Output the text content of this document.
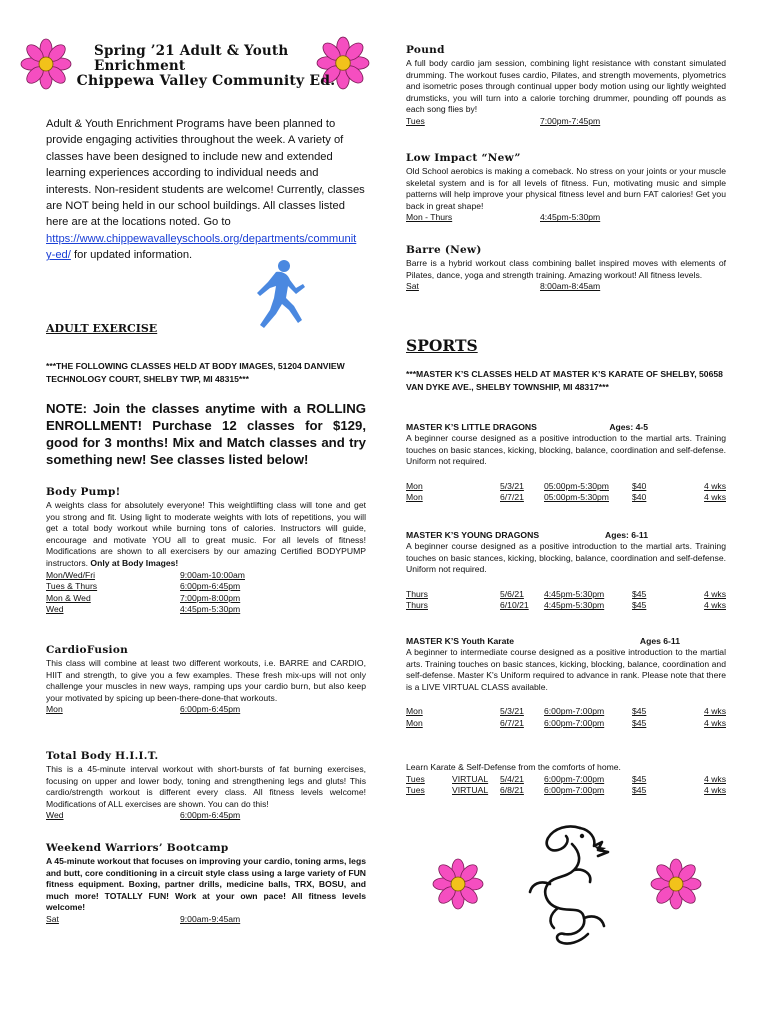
Spring ’21 Adult & Youth
Enrichment
Chippewa Valley Community Ed.
Adult & Youth Enrichment Programs have been planned to provide engaging activities throughout the week. A variety of classes have been designed to include new and extended learning experiences according to individual needs and interests. Non-resident students are welcome! Currently, classes are NOT being held in our school buildings. All classes listed here are at the locations noted. Go to https://www.chippewavalleyschools.org/departments/communit
y-ed/ for updated information.
ADULT EXERCISE
***THE FOLLOWING CLASSES HELD AT BODY IMAGES, 51204 DANVIEW TECHNOLOGY COURT, SHELBY TWP, MI 48315***
NOTE: Join the classes anytime with a ROLLING ENROLLMENT! Purchase 12 classes for $129, good for 3 months! Mix and Match classes and try something new! See classes listed below!
Body Pump!
A weights class for absolutely everyone! This weightlifting class will tone and get you strong and fit. Using light to moderate weights with lots of repetitions, you will get a total body workout while burning tons of calories. Instructors will guide, encourage and motivate YOU all to great music. For all levels of fitness! Modifications are shown to all exercisers by our amazing Certified BODYPUMP instructors. Only at Body Images!
Mon/Wed/Fri	9:00am-10:00am
Tues & Thurs	6:00pm-6:45pm
Mon & Wed	7:00pm-8:00pm
Wed	4:45pm-5:30pm
CardioFusion
This class will combine at least two different workouts, i.e. BARRE and CARDIO, HIIT and strength, to give you a few examples. These fresh mix-ups will not only challenge your muscles in new ways, ramping ups your cardio burn, but also keep your motivated by spicing up been-there-done-that workouts.
Mon	6:00pm-6:45pm
Total Body H.I.I.T.
This is a 45-minute interval workout with short-bursts of fat burning exercises, focusing on upper and lower body, toning and strengthening legs and gluts! This cardio/strength workout is different every class. All fitness levels welcome! Modifications of ALL exercises are shown. You can do this!
Wed	6:00pm-6:45pm
Weekend Warriors’ Bootcamp
A 45-minute workout that focuses on improving your cardio, toning arms, legs and butt, core conditioning in a circuit style class using a large variety of FUN fitness equipment. Boxing, partner drills, medicine balls, TRX, BOSU, and much more! TOTALLY FUN! Work at your own pace! All fitness levels welcome!
Sat	9:00am-9:45am
Pound
A full body cardio jam session, combining light resistance with constant simulated drumming. The workout fuses cardio, Pilates, and strength movements, plyometrics and isometric poses through continual upper body motion using our lightly weighted drumsticks, you will turn into a calorie torching drummer, pounding off pounds as each song flies by!
Tues	7:00pm-7:45pm
Low Impact “New”
Old School aerobics is making a comeback. No stress on your joints or your muscle skeletal system and is for all levels of fitness. Fun, motivating music and simple patterns will help improve your physical fitness level and burn FAT calories! Get you back in great shape!
Mon - Thurs	4:45pm-5:30pm
Barre (New)
Barre is a hybrid workout class combining ballet inspired moves with elements of Pilates, dance, yoga and strength training. Amazing workout! All fitness levels.
Sat	8:00am-8:45am
SPORTS
***MASTER K’S CLASSES HELD AT MASTER K’S KARATE OF SHELBY, 50658 VAN DYKE AVE., SHELBY TOWNSHIP, MI 48317***
MASTER K’S LITTLE DRAGONS	Ages: 4-5
A beginner course designed as a positive introduction to the martial arts. Training touches on basic stances, kicking, blocking, balance, coordination and self-defense. Uniform not required.
Mon	5/3/21	05:00pm-5:30pm	$40	4 wks
Mon	6/7/21	05:00pm-5:30pm	$40	4 wks
MASTER K’S YOUNG DRAGONS	Ages: 6-11
A beginner course designed as a positive introduction to the martial arts. Training touches on basic stances, kicking, blocking, balance, coordination and self-defense. Uniform not required.
Thurs	5/6/21	4:45pm-5:30pm	$45	4 wks
Thurs	6/10/21	4:45pm-5:30pm	$45	4 wks
MASTER K’S Youth Karate	Ages 6-11
A beginner to intermediate course designed as a positive introduction to the martial arts. Training touches on basic stances, kicking, blocking, balance, coordination and self-defense. Master K's Uniform required to advance in rank. Please note that there is a LIVE VIRTUAL CLASS available.
Mon	5/3/21	6:00pm-7:00pm	$45	4 wks
Mon	6/7/21	6:00pm-7:00pm	$45	4 wks
Learn Karate & Self-Defense from the comforts of home.
Tues	VIRTUAL	5/4/21	6:00pm-7:00pm	$45	4 wks
Tues	VIRTUAL	6/8/21	6:00pm-7:00pm	$45	4 wks
